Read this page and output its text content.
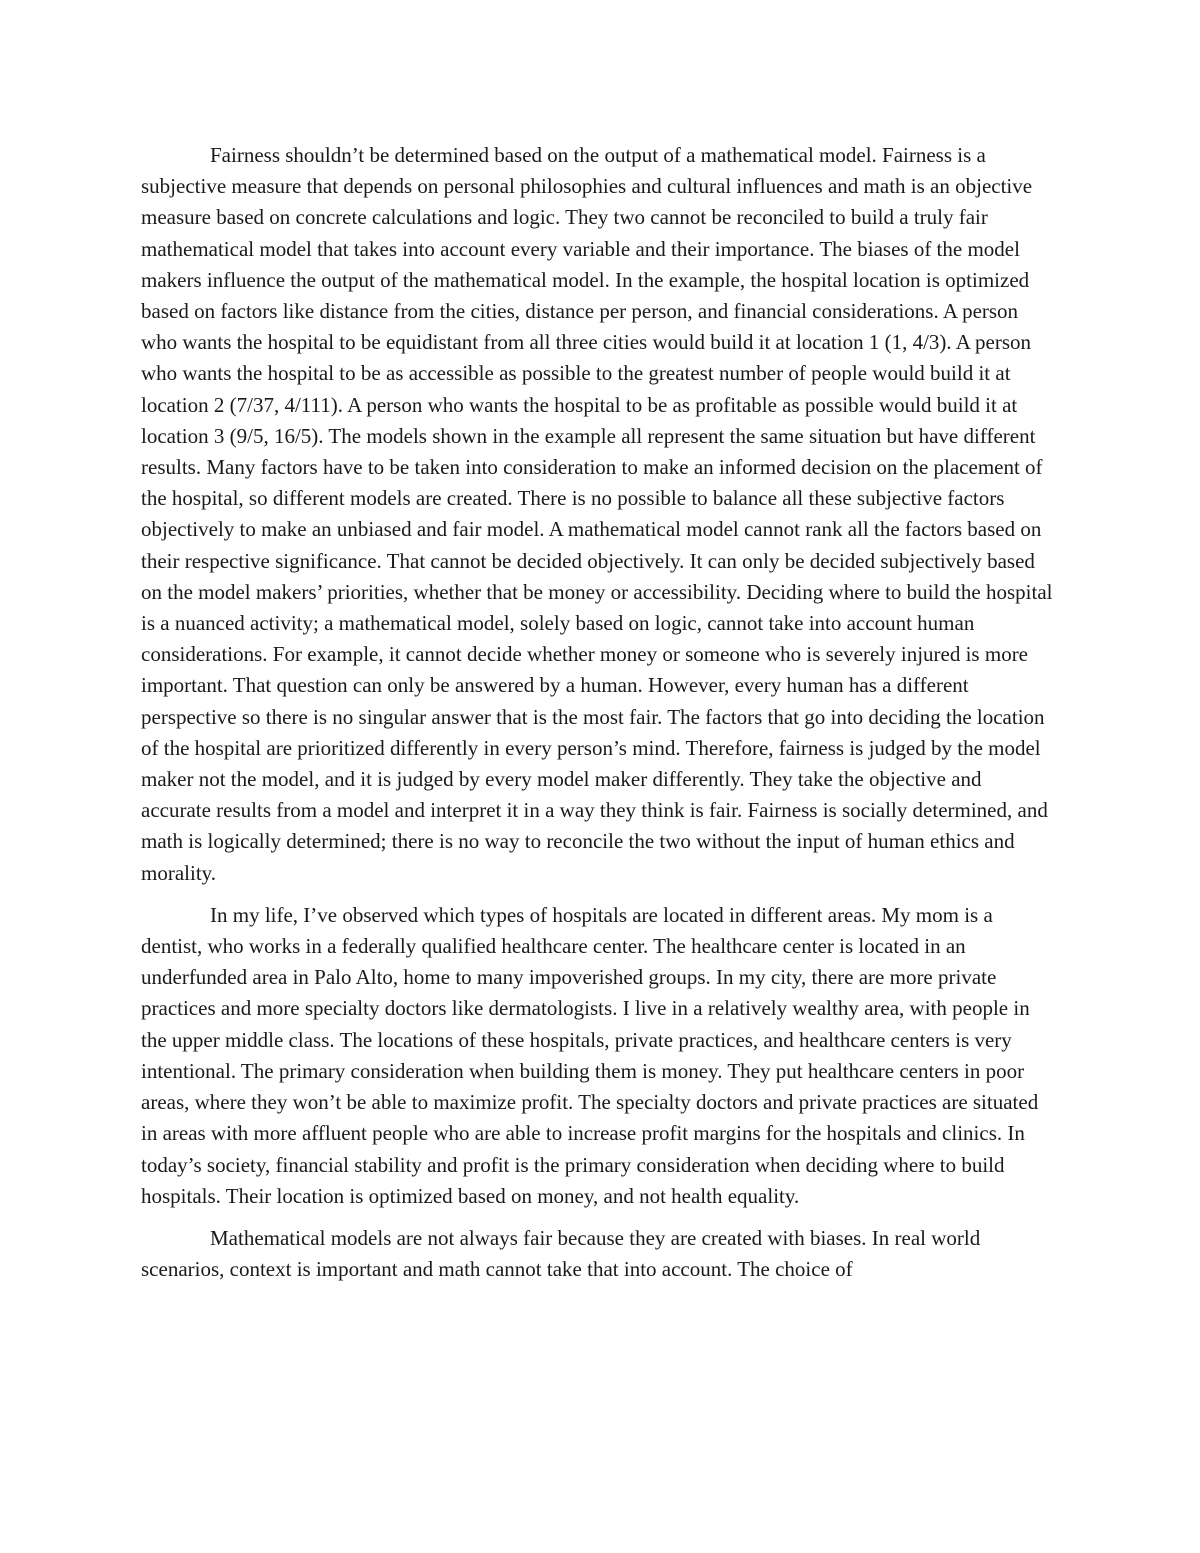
Fairness shouldn’t be determined based on the output of a mathematical model. Fairness is a subjective measure that depends on personal philosophies and cultural influences and math is an objective measure based on concrete calculations and logic. They two cannot be reconciled to build a truly fair mathematical model that takes into account every variable and their importance. The biases of the model makers influence the output of the mathematical model. In the example, the hospital location is optimized based on factors like distance from the cities, distance per person, and financial considerations. A person who wants the hospital to be equidistant from all three cities would build it at location 1 (1, 4/3). A person who wants the hospital to be as accessible as possible to the greatest number of people would build it at location 2 (7/37, 4/111). A person who wants the hospital to be as profitable as possible would build it at location 3 (9/5, 16/5). The models shown in the example all represent the same situation but have different results. Many factors have to be taken into consideration to make an informed decision on the placement of the hospital, so different models are created. There is no possible to balance all these subjective factors objectively to make an unbiased and fair model. A mathematical model cannot rank all the factors based on their respective significance. That cannot be decided objectively. It can only be decided subjectively based on the model makers’ priorities, whether that be money or accessibility. Deciding where to build the hospital is a nuanced activity; a mathematical model, solely based on logic, cannot take into account human considerations. For example, it cannot decide whether money or someone who is severely injured is more important. That question can only be answered by a human. However, every human has a different perspective so there is no singular answer that is the most fair. The factors that go into deciding the location of the hospital are prioritized differently in every person’s mind. Therefore, fairness is judged by the model maker not the model, and it is judged by every model maker differently. They take the objective and accurate results from a model and interpret it in a way they think is fair. Fairness is socially determined, and math is logically determined; there is no way to reconcile the two without the input of human ethics and morality.

In my life, I’ve observed which types of hospitals are located in different areas. My mom is a dentist, who works in a federally qualified healthcare center. The healthcare center is located in an underfunded area in Palo Alto, home to many impoverished groups. In my city, there are more private practices and more specialty doctors like dermatologists. I live in a relatively wealthy area, with people in the upper middle class. The locations of these hospitals, private practices, and healthcare centers is very intentional. The primary consideration when building them is money. They put healthcare centers in poor areas, where they won’t be able to maximize profit. The specialty doctors and private practices are situated in areas with more affluent people who are able to increase profit margins for the hospitals and clinics. In today’s society, financial stability and profit is the primary consideration when deciding where to build hospitals. Their location is optimized based on money, and not health equality.

Mathematical models are not always fair because they are created with biases. In real world scenarios, context is important and math cannot take that into account. The choice of
